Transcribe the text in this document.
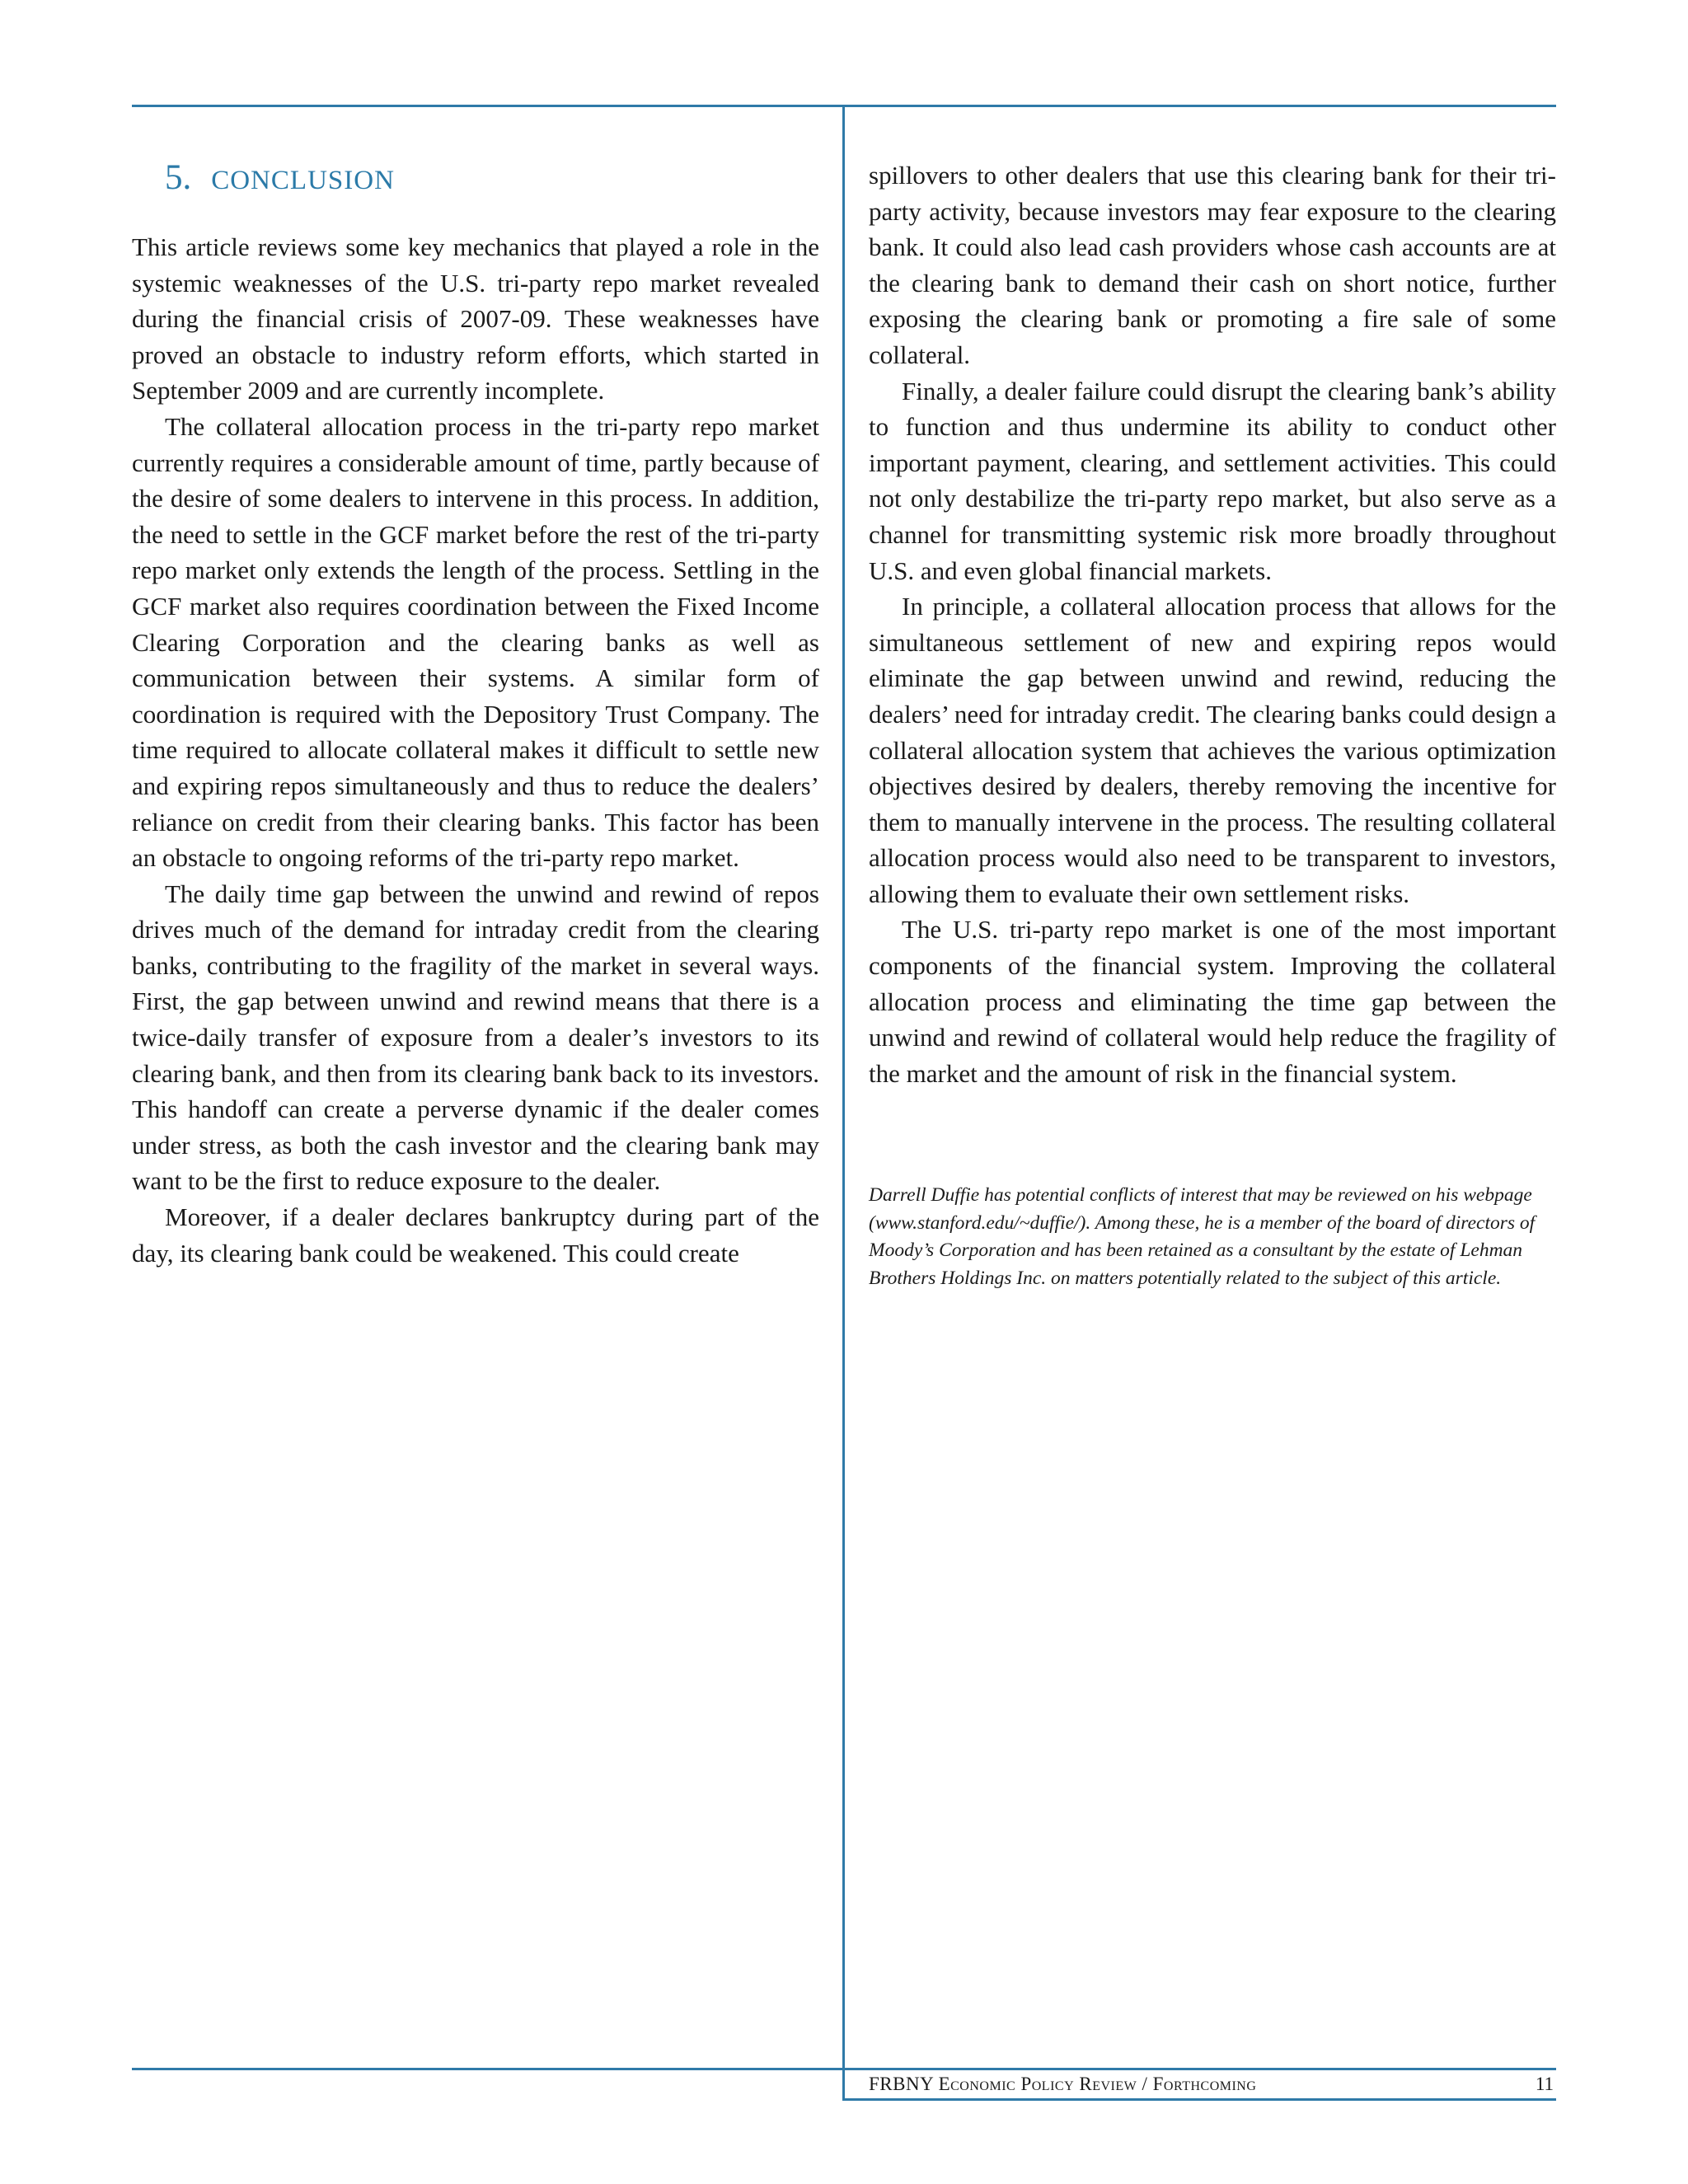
5. CONCLUSION

This article reviews some key mechanics that played a role in the systemic weaknesses of the U.S. tri-party repo market revealed during the financial crisis of 2007-09. These weaknesses have proved an obstacle to industry reform efforts, which started in September 2009 and are currently incomplete.

The collateral allocation process in the tri-party repo market currently requires a considerable amount of time, partly because of the desire of some dealers to intervene in this process. In addition, the need to settle in the GCF market before the rest of the tri-party repo market only extends the length of the process. Settling in the GCF market also requires coordination between the Fixed Income Clearing Corporation and the clearing banks as well as communication between their systems. A similar form of coordination is required with the Depository Trust Company. The time required to allocate collateral makes it difficult to settle new and expiring repos simultaneously and thus to reduce the dealers’ reliance on credit from their clearing banks. This factor has been an obstacle to ongoing reforms of the tri-party repo market.

The daily time gap between the unwind and rewind of repos drives much of the demand for intraday credit from the clearing banks, contributing to the fragility of the market in several ways. First, the gap between unwind and rewind means that there is a twice-daily transfer of exposure from a dealer’s investors to its clearing bank, and then from its clearing bank back to its investors. This handoff can create a perverse dynamic if the dealer comes under stress, as both the cash investor and the clearing bank may want to be the first to reduce exposure to the dealer.

Moreover, if a dealer declares bankruptcy during part of the day, its clearing bank could be weakened. This could create

spillovers to other dealers that use this clearing bank for their tri-party activity, because investors may fear exposure to the clearing bank. It could also lead cash providers whose cash accounts are at the clearing bank to demand their cash on short notice, further exposing the clearing bank or promoting a fire sale of some collateral.

Finally, a dealer failure could disrupt the clearing bank’s ability to function and thus undermine its ability to conduct other important payment, clearing, and settlement activities. This could not only destabilize the tri-party repo market, but also serve as a channel for transmitting systemic risk more broadly throughout U.S. and even global financial markets.

In principle, a collateral allocation process that allows for the simultaneous settlement of new and expiring repos would eliminate the gap between unwind and rewind, reducing the dealers’ need for intraday credit. The clearing banks could design a collateral allocation system that achieves the various optimization objectives desired by dealers, thereby removing the incentive for them to manually intervene in the process. The resulting collateral allocation process would also need to be transparent to investors, allowing them to evaluate their own settlement risks.

The U.S. tri-party repo market is one of the most important components of the financial system. Improving the collateral allocation process and eliminating the time gap between the unwind and rewind of collateral would help reduce the fragility of the market and the amount of risk in the financial system.

Darrell Duffie has potential conflicts of interest that may be reviewed on his webpage (www.stanford.edu/~duffie/). Among these, he is a member of the board of directors of Moody’s Corporation and has been retained as a consultant by the estate of Lehman Brothers Holdings Inc. on matters potentially related to the subject of this article.

FRBNY Economic Policy Review / Forthcoming	11
